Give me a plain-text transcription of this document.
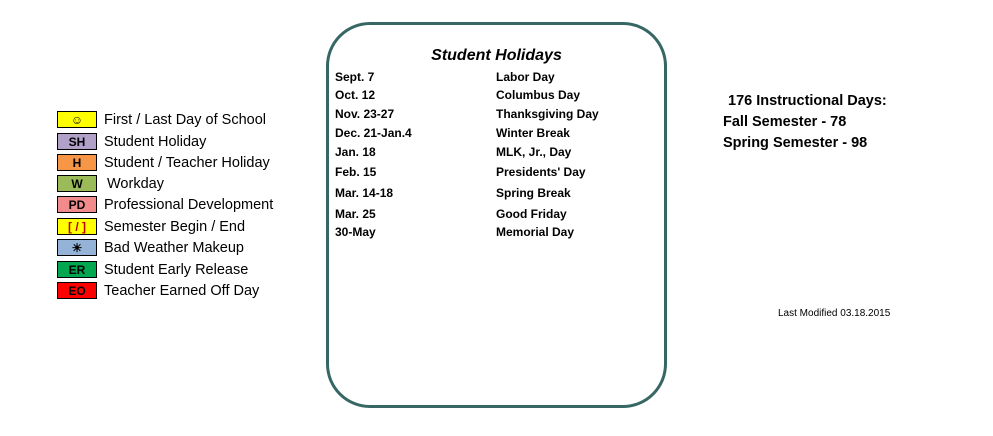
☺	First / Last Day of School
SH	Student Holiday
H	Student / Teacher Holiday
W	Workday
PD	Professional Development
[ / ]	Semester Begin / End
☀	Bad Weather Makeup
ER	Student Early Release
EO	Teacher Earned Off Day
Student Holidays
Sept. 7	Labor Day
Oct. 12	Columbus Day
Nov. 23-27	Thanksgiving Day
Dec. 21-Jan.4	Winter Break
Jan. 18	MLK, Jr., Day
Feb. 15	Presidents' Day
Mar. 14-18	Spring Break
Mar. 25	Good Friday
30-May	Memorial Day
176 Instructional Days:
Fall Semester - 78
Spring Semester - 98
Last Modified 03.18.2015
